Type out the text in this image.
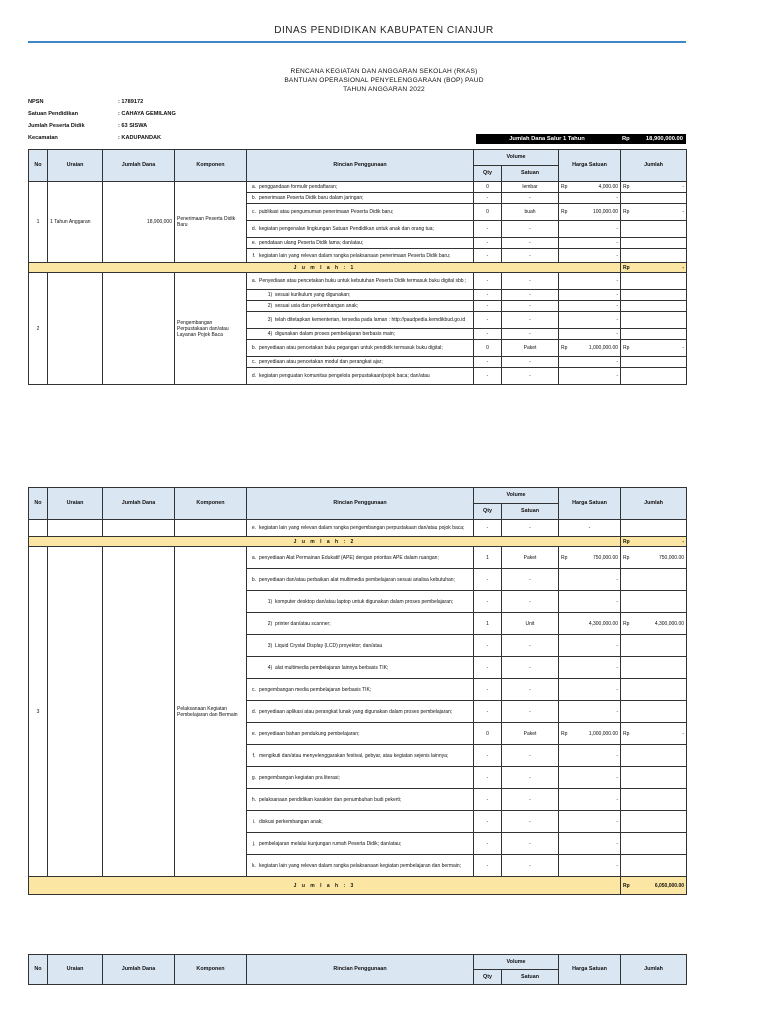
DINAS PENDIDIKAN KABUPATEN CIANJUR
RENCANA KEGIATAN DAN ANGGARAN SEKOLAH (RKAS)
BANTUAN OPERASIONAL PENYELENGGARAAN (BOP) PAUD
TAHUN ANGGARAN 2022
NPSN	: 1789172
Satuan Pendidikan	: CAHAYA GEMILANG
Jumlah Peserta Didik	: 63 SISWA
Kecamatan	: KADUPANDAK	Jumlah Dana Salur 1 Tahun	Rp	18,900,000.00
No	Uraian	Jumlah Dana	Komponen	Rincian Penggunaan	Volume		Harga Satuan	Jumlah
					Qty	Satuan		
1	1 Tahun Anggaran	18,900,000	Penerimaan Peserta Didik Baru	a. penggandaan formulir pendaftaran;	0	lembar	Rp 4,000.00	Rp -

				b. penerimaan Peserta Didik baru dalam jaringan;	-	-	-	

				c. publikasi atau pengumuman penerimaan Peserta Didik baru;	0	buah	Rp 100,000.00	Rp -

				d. kegiatan pengenalan lingkungan Satuan Pendidikan untuk anak dan orang tua;	-	-	-	

				e. pendataan ulang Peserta Didik lama; dan/atau;	-	-	-	

				f. kegiatan lain yang relevan dalam rangka pelaksanaan penerimaan Peserta Didik baru;	-	-	-	

J u m l a h : 1								Rp -

2			Pengembangan Perpustakaan dan/atau Layanan Pojok Baca	a. Penyediaan atau pencetakan buku untuk kebutuhan Peserta Didik termasuk buku digital sbb ;	-	-	-	

				1) sesuai kurikulum yang digunakan;	-	-	-	

				2) sesuai usia dan perkembangan anak;	-	-	-	

				3) telah ditetapkan kementerian, tersedia pada laman : http://paudpedia.kemdikbud.go.id	-	-	-	

				4) digunakan dalam proses pembelajaran berbasis main;	-	-	-	

				b. penyediaan atau pencetakan buku pegangan untuk pendidik termasuk buku digital;	0	Paket	Rp 1,000,000.00	Rp -

				c. penyediaan atau pencetakan modul dan perangkat ajar;	-	-	-	

				d. kegiatan penguatan komunitas pengelola perpustakaan/pojok baca; dan/atau	-	-	-	

No	Uraian	Jumlah Dana	Komponen	Rincian Penggunaan	Volume		Harga Satuan	Jumlah
					Qty	Satuan		
				e. kegiatan lain yang relevan dalam rangka pengembangan perpustakaan dan/atau pojok baca;	-	-	-	
J u m l a h : 2								Rp -

3			Pelaksanaan Kegiatan Pembelajaran dan Bermain	a. penyediaan Alat Permainan Edukatif (APE) dengan prioritas APE dalam ruangan;	1	Paket	Rp 750,000.00	Rp 750,000.00

				b. penyediaan dan/atau perbaikan alat multimedia pembelajaran sesuai analisa kebutuhan;	-	-	-	

				1) komputer desktop dan/atau laptop untuk digunakan dalam proses pembelajaran;	-	-	-	

				2) printer dan/atau scanner;	1	Unit	4,300,000.00	Rp 4,300,000.00

				3) Liquid Crystal Display (LCD) proyektor; dan/atau	-	-	-	

				4) alat multimedia pembelajaran lainnya berbasis TIK;	-	-	-	

				c. pengembangan media pembelajaran berbasis TIK;	-	-	-	

				d. penyediaan aplikasi atau perangkat lunak yang digunakan dalam proses pembelajaran;	-	-	-	

				e. penyediaan bahan pendukung pembelajaran;	0	Paket	Rp 1,000,000.00	Rp -

				f. mengikuti dan/atau menyelenggarakan festival, gebyar, atau kegiatan sejenis lainnya;	-	-	-	

				g. pengembangan kegiatan pra literasi;	-	-	-	

				h. pelaksanaan pendidikan karakter dan penumbuhan budi pekerti;	-	-	-	

				i. diskusi perkembangan anak;	-	-	-	

				j. pembelajaran melalui kunjungan rumah Peserta Didik; dan/atau;	-	-	-	

				k. kegiatan lain yang relevan dalam rangka pelaksanaan kegiatan pembelajaran dan bermain;	-	-	-	

J u m l a h : 3								Rp 6,050,000.00
No	Uraian	Jumlah Dana	Komponen	Rincian Penggunaan	Volume		Harga Satuan	Jumlah
					Qty	Satuan		
